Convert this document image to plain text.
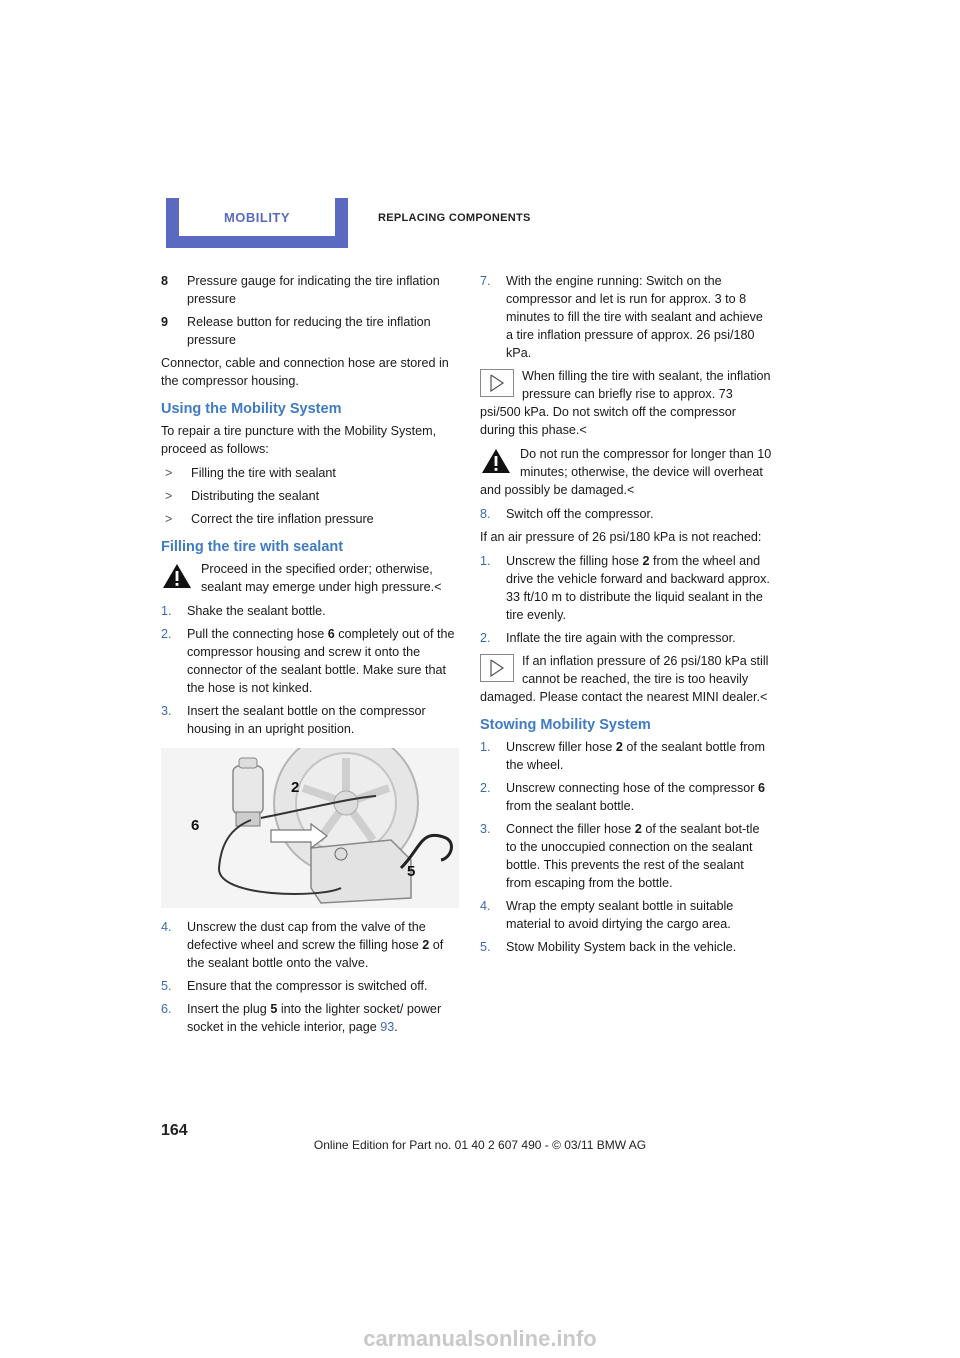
MOBILITY	REPLACING COMPONENTS
8	Pressure gauge for indicating the tire inflation pressure
9	Release button for reducing the tire inflation pressure

Connector, cable and connection hose are stored in the compressor housing.

Using the Mobility System

To repair a tire puncture with the Mobility System, proceed as follows:

>	Filling the tire with sealant
>	Distributing the sealant
>	Correct the tire inflation pressure
Filling the tire with sealant
Proceed in the specified order; otherwise, sealant may emerge under high pressure.<
1.	Shake the sealant bottle.
2.	Pull the connecting hose 6 completely out of the compressor housing and screw it onto the connector of the sealant bottle. Make sure that the hose is not kinked.
3.	Insert the sealant bottle on the compressor housing in an upright position.
2
6
5
4.	Unscrew the dust cap from the valve of the defective wheel and screw the filling hose 2 of the sealant bottle onto the valve.
5.	Ensure that the compressor is switched off.
6.	Insert the plug 5 into the lighter socket/ power socket in the vehicle interior, page 93.
7.	With the engine running: Switch on the compressor and let is run for approx. 3 to 8 minutes to fill the tire with sealant and achieve a tire inflation pressure of approx. 26 psi/180 kPa.
When filling the tire with sealant, the inflation pressure can briefly rise to approx. 73 psi/500 kPa. Do not switch off the compressor during this phase.<
Do not run the compressor for longer than 10 minutes; otherwise, the device will overheat and possibly be damaged.<
8.	Switch off the compressor.

If an air pressure of 26 psi/180 kPa is not reached:

1.	Unscrew the filling hose 2 from the wheel and drive the vehicle forward and backward approx. 33 ft/10 m to distribute the liquid sealant in the tire evenly.
2.	Inflate the tire again with the compressor.
If an inflation pressure of 26 psi/180 kPa still cannot be reached, the tire is too heavily damaged. Please contact the nearest MINI dealer.<
Stowing Mobility System
1.	Unscrew filler hose 2 of the sealant bottle from the wheel.
2.	Unscrew connecting hose of the compressor 6 from the sealant bottle.
3.	Connect the filler hose 2 of the sealant bot-tle to the unoccupied connection on the sealant bottle. This prevents the rest of the sealant from escaping from the bottle.
4.	Wrap the empty sealant bottle in suitable material to avoid dirtying the cargo area.
5.	Stow Mobility System back in the vehicle.
164
Online Edition for Part no. 01 40 2 607 490 - © 03/11 BMW AG
carmanualsonline.info
